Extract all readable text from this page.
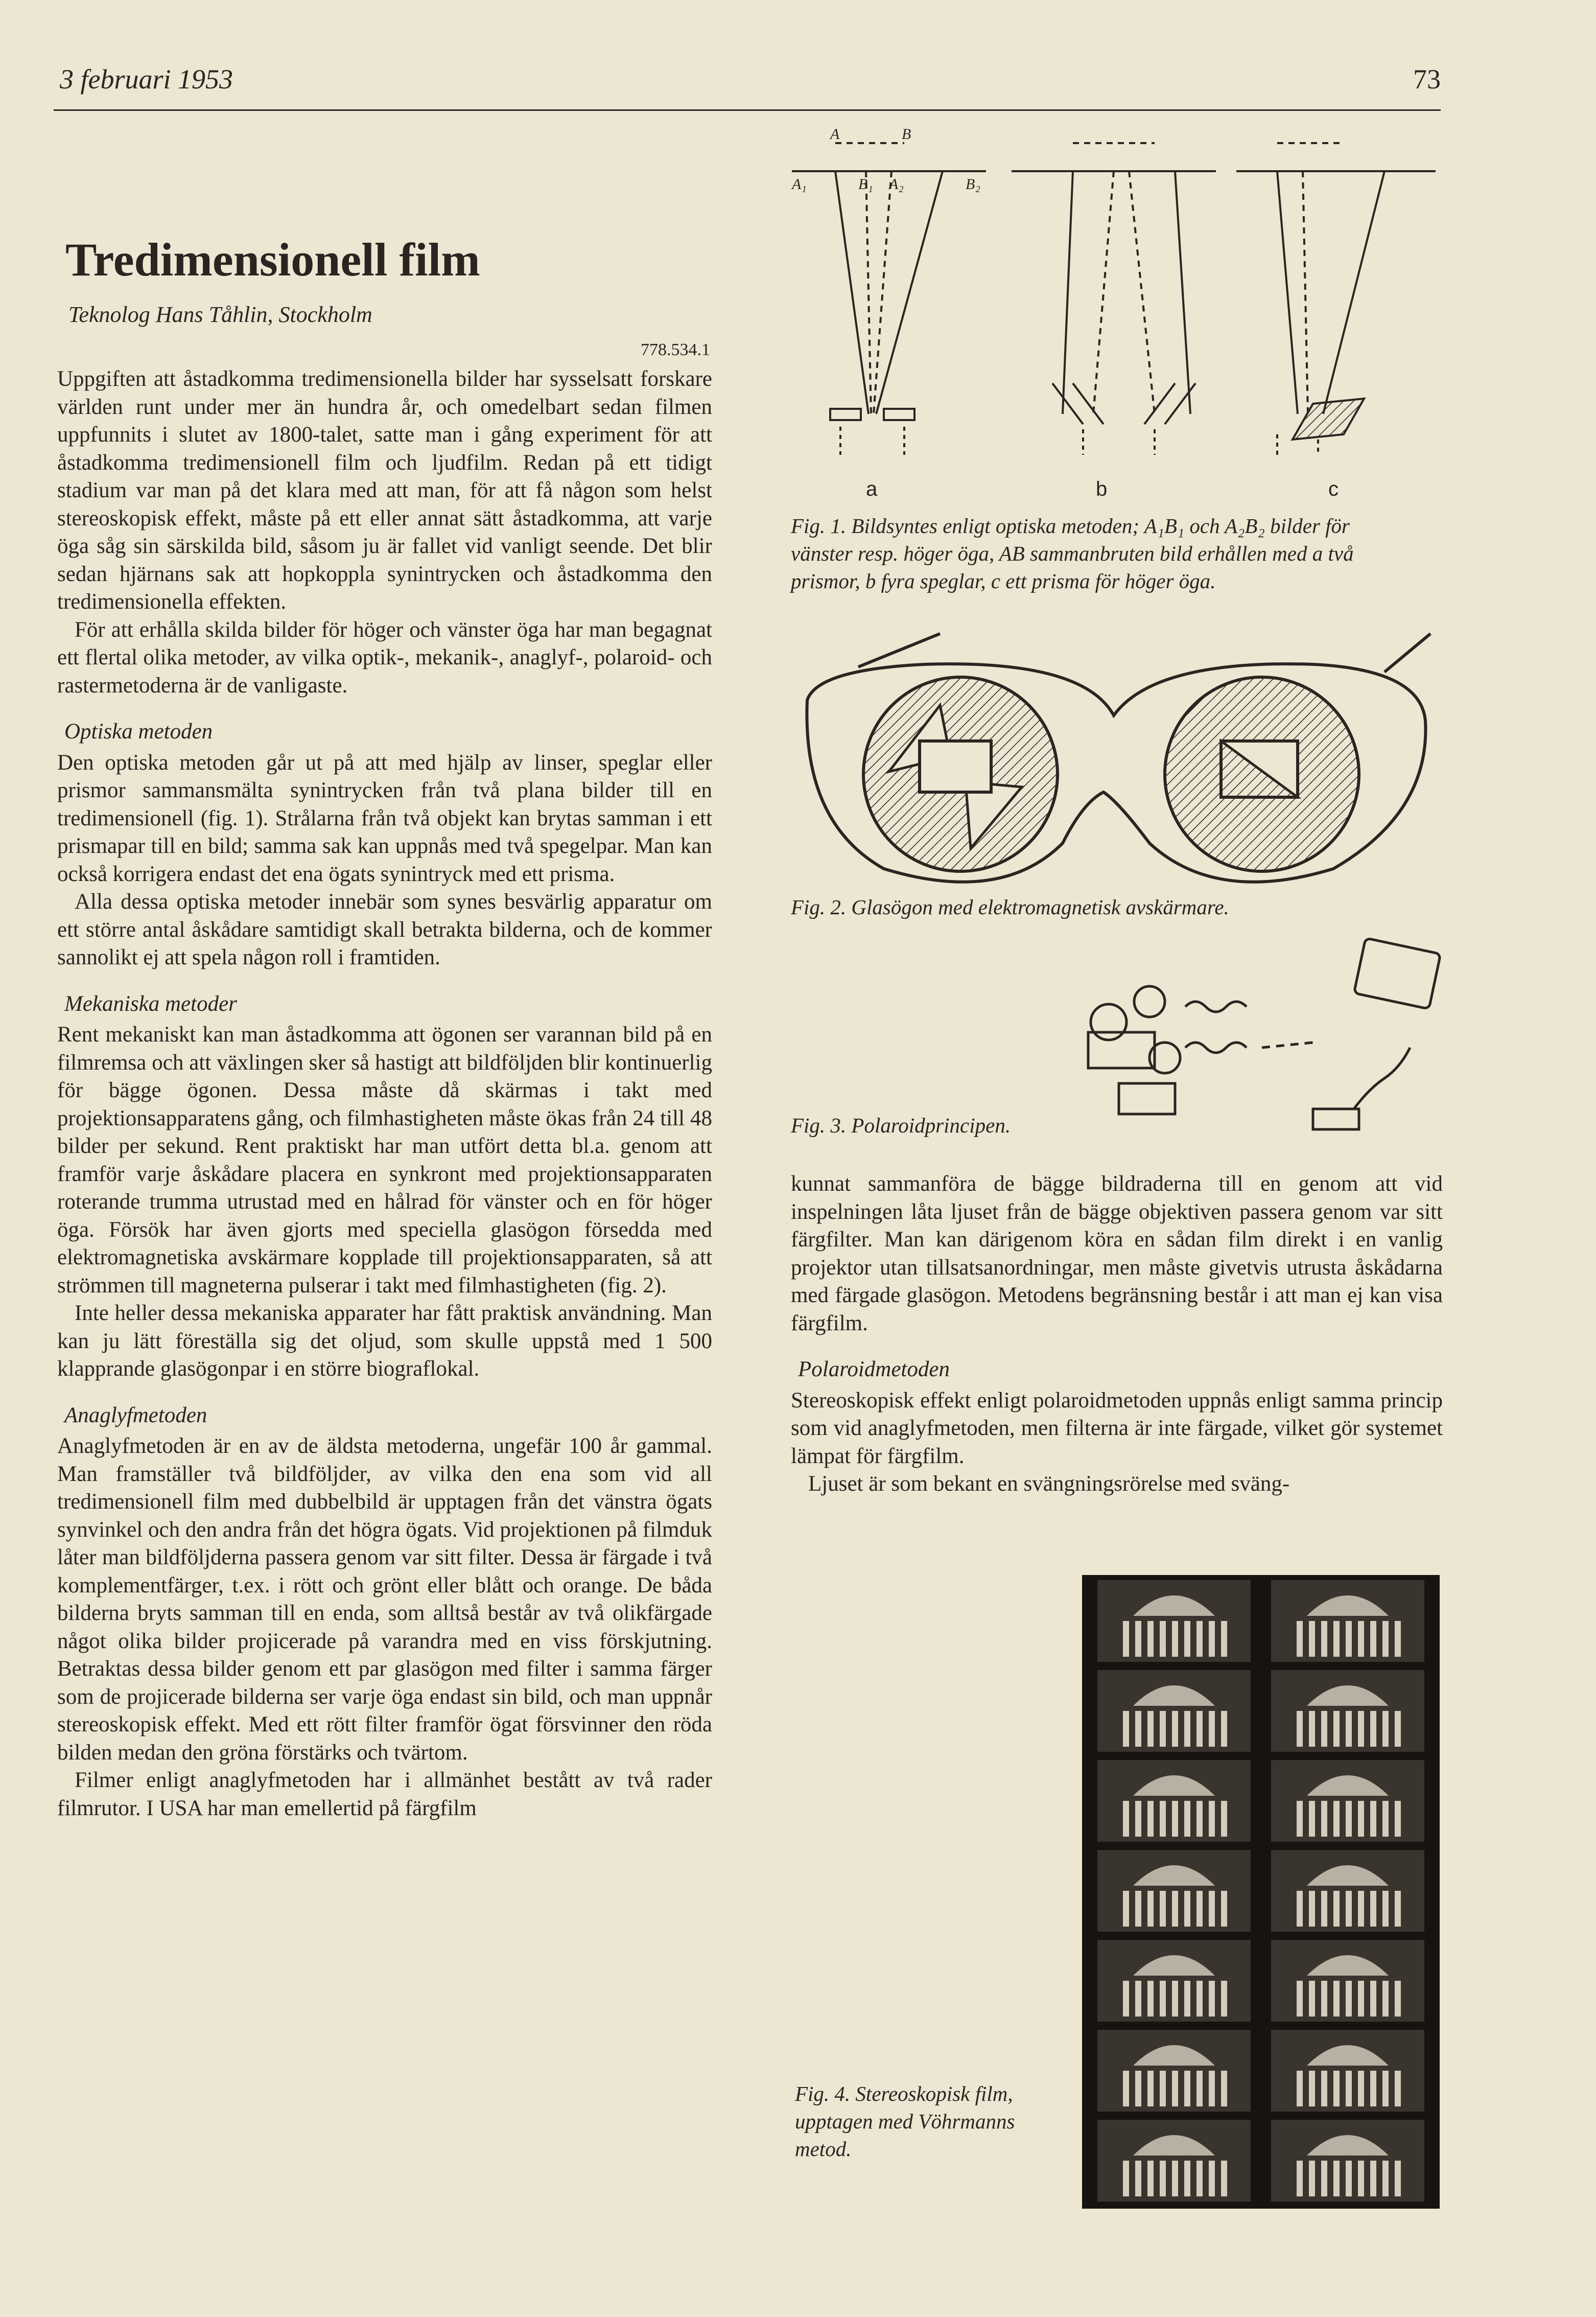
3 februari 1953	73
Tredimensionell film
Teknolog Hans Tåhlin, Stockholm
778.534.1

Uppgiften att åstadkomma tredimensionella bilder har sysselsatt forskare världen runt under mer än hundra år, och omedelbart sedan filmen uppfunnits i slutet av 1800-talet, satte man i gång experiment för att åstadkomma tredimensionell film och ljudfilm. Redan på ett tidigt stadium var man på det klara med att man, för att få någon som helst stereoskopisk effekt, måste på ett eller annat sätt åstadkomma, att varje öga såg sin särskilda bild, såsom ju är fallet vid vanligt seende. Det blir sedan hjärnans sak att hopkoppla synintrycken och åstadkomma den tredimensionella effekten.

För att erhålla skilda bilder för höger och vänster öga har man begagnat ett flertal olika metoder, av vilka optik-, mekanik-, anaglyf-, polaroid- och rastermetoderna är de vanligaste.

Optiska metoden

Den optiska metoden går ut på att med hjälp av linser, speglar eller prismor sammansmälta synintrycken från två plana bilder till en tredimensionell (fig. 1). Strålarna från två objekt kan brytas samman i ett prismapar till en bild; samma sak kan uppnås med två spegelpar. Man kan också korrigera endast det ena ögats synintryck med ett prisma.

Alla dessa optiska metoder innebär som synes besvärlig apparatur om ett större antal åskådare samtidigt skall betrakta bilderna, och de kommer sannolikt ej att spela någon roll i framtiden.

Mekaniska metoder

Rent mekaniskt kan man åstadkomma att ögonen ser varannan bild på en filmremsa och att växlingen sker så hastigt att bildföljden blir kontinuerlig för bägge ögonen. Dessa måste då skärmas i takt med projektionsapparatens gång, och filmhastigheten måste ökas från 24 till 48 bilder per sekund. Rent praktiskt har man utfört detta bl.a. genom att framför varje åskådare placera en synkront med projektionsapparaten roterande trumma utrustad med en hålrad för vänster och en för höger öga. Försök har även gjorts med speciella glasögon försedda med elektromagnetiska avskärmare kopplade till projektionsapparaten, så att strömmen till magneterna pulserar i takt med filmhastigheten (fig. 2).

Inte heller dessa mekaniska apparater har fått praktisk användning. Man kan ju lätt föreställa sig det oljud, som skulle uppstå med 1 500 klapprande glasögonpar i en större biograflokal.

Anaglyfmetoden

Anaglyfmetoden är en av de äldsta metoderna, ungefär 100 år gammal. Man framställer två bildföljder, av vilka den ena som vid all tredimensionell film med dubbelbild är upptagen från det vänstra ögats synvinkel och den andra från det högra ögats. Vid projektionen på filmduk låter man bildföljderna passera genom var sitt filter. Dessa är färgade i två komplementfärger, t.ex. i rött och grönt eller blått och orange. De båda bilderna bryts samman till en enda, som alltså består av två olikfärgade något olika bilder projicerade på varandra med en viss förskjutning. Betraktas dessa bilder genom ett par glasögon med filter i samma färger som de projicerade bilderna ser varje öga endast sin bild, och man uppnår stereoskopisk effekt. Med ett rött filter framför ögat försvinner den röda bilden medan den gröna förstärks och tvärtom.

Filmer enligt anaglyfmetoden har i allmänhet bestått av två rader filmrutor. I USA har man emellertid på färgfilm

A	B
A₁	B₁ A₂	B₂
a	b	c
Fig. 1. Bildsyntes enligt optiska metoden; A₁B₁ och A₂B₂ bilder för vänster resp. höger öga, AB sammanbruten bild erhållen med a två prismor, b fyra speglar, c ett prisma för höger öga.
Fig. 2. Glasögon med elektromagnetisk avskärmare.
Fig. 3. Polaroidprincipen.

kunnat sammanföra de bägge bildraderna till en genom att vid inspelningen låta ljuset från de bägge objektiven passera genom var sitt färgfilter. Man kan därigenom köra en sådan film direkt i en vanlig projektor utan tillsatsanordningar, men måste givetvis utrusta åskådarna med färgade glasögon. Metodens begränsning består i att man ej kan visa färgfilm.

Polaroidmetoden

Stereoskopisk effekt enligt polaroidmetoden uppnås enligt samma princip som vid anaglyfmetoden, men filterna är inte färgade, vilket gör systemet lämpat för färgfilm.

Ljuset är som bekant en svängningsrörelse med sväng-

Fig. 4. Stereoskopisk film, upptagen med Vöhrmanns metod.
